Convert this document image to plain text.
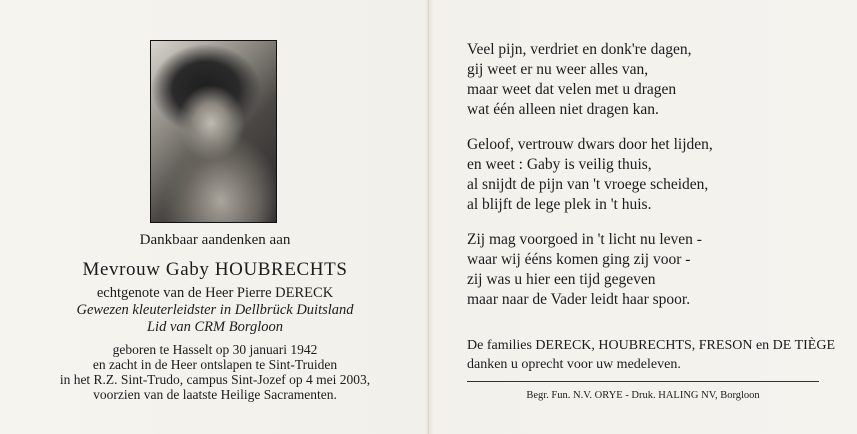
Dankbaar aandenken aan
Mevrouw Gaby HOUBRECHTS
echtgenote van de Heer Pierre DERECK
Gewezen kleuterleidster in Dellbrück Duitsland
Lid van CRM Borgloon
geboren te Hasselt op 30 januari 1942
en zacht in de Heer ontslapen te Sint-Truiden
in het R.Z. Sint-Trudo, campus Sint-Jozef op 4 mei 2003,
voorzien van de laatste Heilige Sacramenten.
Veel pijn, verdriet en donk're dagen,
gij weet er nu weer alles van,
maar weet dat velen met u dragen
wat één alleen niet dragen kan.
Geloof, vertrouw dwars door het lijden,
en weet : Gaby is veilig thuis,
al snijdt de pijn van 't vroege scheiden,
al blijft de lege plek in 't huis.
Zij mag voorgoed in 't licht nu leven -
waar wij ééns komen ging zij voor -
zij was u hier een tijd gegeven
maar naar de Vader leidt haar spoor.
De families DERECK, HOUBRECHTS, FRESON en DE TIÈGE
danken u oprecht voor uw medeleven.
Begr. Fun. N.V. ORYE - Druk. HALING NV, Borgloon
